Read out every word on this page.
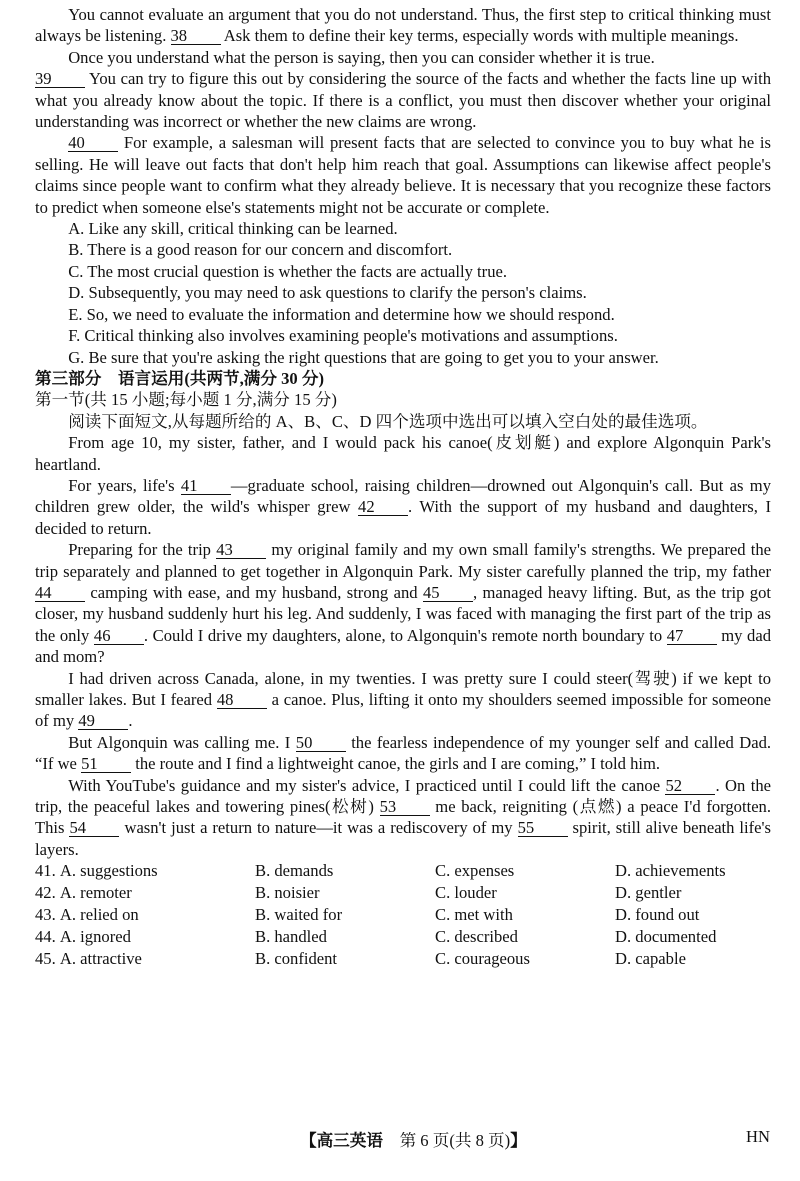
You cannot evaluate an argument that you do not understand. Thus, the first step to critical thinking must always be listening. 38 Ask them to define their key terms, especially words with multiple meanings.

Once you understand what the person is saying, then you can consider whether it is true.

39 You can try to figure this out by considering the source of the facts and whether the facts line up with what you already know about the topic. If there is a conflict, you must then discover whether your original understanding was incorrect or whether the new claims are wrong.

40 For example, a salesman will present facts that are selected to convince you to buy what he is selling. He will leave out facts that don't help him reach that goal. Assumptions can likewise affect people's claims since people want to confirm what they already believe. It is necessary that you recognize these factors to predict when someone else's statements might not be accurate or complete.

A. Like any skill, critical thinking can be learned.

B. There is a good reason for our concern and discomfort.

C. The most crucial question is whether the facts are actually true.

D. Subsequently, you may need to ask questions to clarify the person's claims.

E. So, we need to evaluate the information and determine how we should respond.

F. Critical thinking also involves examining people's motivations and assumptions.

G. Be sure that you're asking the right questions that are going to get you to your answer.

第三部分　语言运用(共两节,满分 30 分)

第一节(共 15 小题;每小题 1 分,满分 15 分)

阅读下面短文,从每题所给的 A、B、C、D 四个选项中选出可以填入空白处的最佳选项。

From age 10, my sister, father, and I would pack his canoe(皮划艇) and explore Algonquin Park's heartland.

For years, life's 41 —graduate school, raising children—drowned out Algonquin's call. But as my children grew older, the wild's whisper grew 42 . With the support of my husband and daughters, I decided to return.

Preparing for the trip 43 my original family and my own small family's strengths. We prepared the trip separately and planned to get together in Algonquin Park. My sister carefully planned the trip, my father 44 camping with ease, and my husband, strong and 45 , managed heavy lifting. But, as the trip got closer, my husband suddenly hurt his leg. And suddenly, I was faced with managing the first part of the trip as the only 46 . Could I drive my daughters, alone, to Algonquin's remote north boundary to 47 my dad and mom?

I had driven across Canada, alone, in my twenties. I was pretty sure I could steer(驾驶) if we kept to smaller lakes. But I feared 48 a canoe. Plus, lifting it onto my shoulders seemed impossible for someone of my 49 .

But Algonquin was calling me. I 50 the fearless independence of my younger self and called Dad. “If we 51 the route and I find a lightweight canoe, the girls and I are coming,” I told him.

With YouTube's guidance and my sister's advice, I practiced until I could lift the canoe 52 . On the trip, the peaceful lakes and towering pines(松树) 53 me back, reigniting (点燃) a peace I'd forgotten. This 54 wasn't just a return to nature—it was a rediscovery of my 55 spirit, still alive beneath life's layers.

41. A. suggestions	B. demands	C. expenses	D. achievements
42. A. remoter	B. noisier	C. louder	D. gentler
43. A. relied on	B. waited for	C. met with	D. found out
44. A. ignored	B. handled	C. described	D. documented
45. A. attractive	B. confident	C. courageous	D. capable
【高三英语　第 6 页(共 8 页)】	HN
